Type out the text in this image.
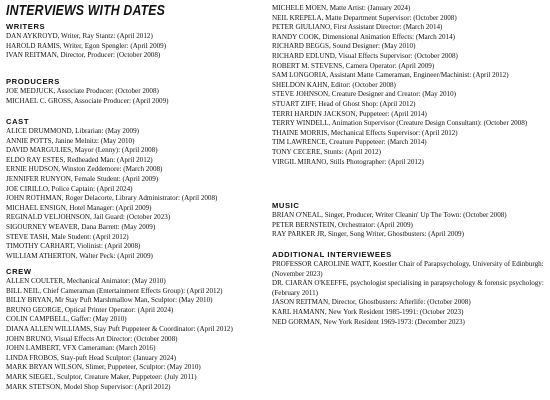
INTERVIEWS WITH DATES
WRITERS
DAN AYKROYD, Writer, Ray Stantz: (April 2012)
HAROLD RAMIS, Writer, Egon Spengler: (April 2009)
IVAN REITMAN, Director, Producer: (October 2008)
PRODUCERS
JOE MEDJUCK, Associate Producer: (October 2008)
MICHAEL C. GROSS, Associate Producer: (April 2009)
CAST
ALICE DRUMMOND, Librarian: (May 2009)
ANNIE POTTS, Janine Melnitz: (May 2010)
DAVID MARGULIES, Mayor (Lenny): (April 2008)
ELDO RAY ESTES, Redheaded Man: (April 2012)
ERNIE HUDSON, Winston Zeddemore: (March 2008)
JENNIFER RUNYON, Female Student: (April 2009)
JOE CIRILLO, Police Captain: (April 2024)
JOHN ROTHMAN, Roger Delacorte, Library Administrator: (April 2008)
MICHAEL ENSIGN, Hotel Manager: (April 2009)
REGINALD VELJOHNSON, Jail Guard: (October 2023)
SIGOURNEY WEAVER, Dana Barrett: (May 2009)
STEVE TASH, Male Student: (April 2012)
TIMOTHY CARHART, Violinist: (April 2008)
WILLIAM ATHERTON, Walter Peck: (April 2009)
CREW
ALLEN COULTER, Mechanical Animator: (May 2010)
BILL NEIL, Chief Cameraman (Entertainment Effects Group): (April 2012)
BILLY BRYAN, Mr Stay Puft Marshmallow Man, Sculptor: (May 2010)
BRUNO GEORGE, Optical Printer Operator: (April 2024)
COLIN CAMPBELL, Gaffer: (May 2010)
DIANA ALLEN WILLIAMS, Stay Puft Puppeteer & Coordinator: (April 2012)
JOHN BRUNO, Visual Effects Art Director: (October 2008)
JOHN LAMBERT, VFX Cameraman: (March 2016)
LINDA FROBOS, Stay-puft Head Sculptor: (January 2024)
MARK BRYAN WILSON, Slimer, Puppeteer, Sculptor: (May 2010)
MARK SIEGEL, Sculptor, Creature Maker, Puppeteer: (July 2011)
MARK STETSON, Model Shop Supervisor: (April 2012)
MICHELE MOEN, Matte Artist: (January 2024)
NEIL KREPELA, Matte Department Supervisor: (October 2008)
PETER GIULIANO, First Assistant Director: (March 2014)
RANDY COOK, Dimensional Animation Effects: (March 2014)
RICHARD BEGGS, Sound Designer: (May 2010)
RICHARD EDLUND, Visual Effects Supervisor: (October 2008)
ROBERT M. STEVENS, Camera Operator: (April 2009)
SAM LONGORIA, Assistant Matte Cameraman, Engineer/Machinist: (April 2012)
SHELDON KAHN, Editor: (October 2008)
STEVE JOHNSON, Creature Designer and Creator: (May 2010)
STUART ZIFF, Head of Ghost Shop: (April 2012)
TERRI HARDIN JACKSON, Puppeteer: (April 2014)
TERRY WINDELL, Animation Supervisor (Creature Design Consultant): (October 2008)
THAINE MORRIS, Mechanical Effects Supervisor: (April 2012)
TIM LAWRENCE, Creature Puppeteer: (March 2014)
TONY CECERE, Stunts: (April 2012)
VIRGIL MIRANO, Stills Photographer: (April 2012)
MUSIC
BRIAN O'NEAL, Singer, Producer, Writer Cleanin' Up The Town: (October 2008)
PETER BERNSTEIN, Orchestrator: (April 2009)
RAY PARKER JR, Singer, Song Writer, Ghostbusters: (April 2009)
ADDITIONAL INTERVIEWEES
PROFESSOR CAROLINE WATT, Koestler Chair of Parapsychology, University of Edinburgh: (November 2023)
DR. CIARÁN O'KEEFFE, psychologist specialising in parapsychology & forensic psychology: (February 2011)
JASON REITMAN, Director, Ghostbusters: Afterlife: (October 2008)
KARL HAMANN, New York Resident 1985-1991: (October 2023)
NED GORMAN, New York Resident 1969-1973: (December 2023)
